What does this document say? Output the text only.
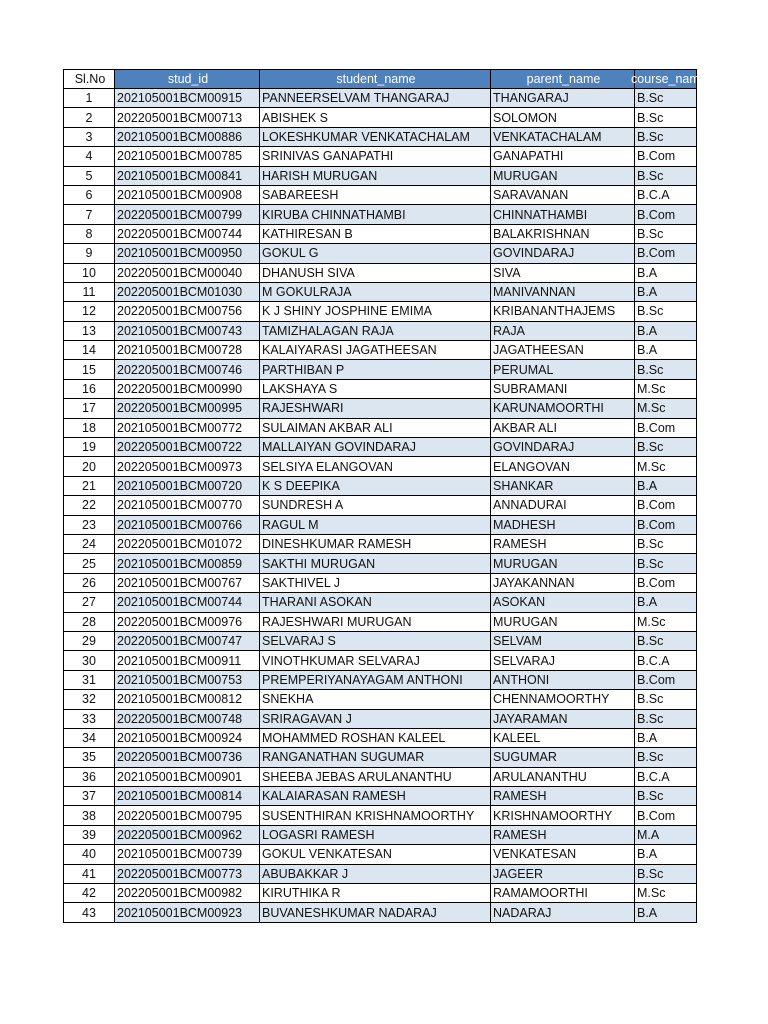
Sl.No	stud_id	student_name	parent_name	course_name
1	202105001BCM00915	PANNEERSELVAM THANGARAJ	THANGARAJ	B.Sc
2	202205001BCM00713	ABISHEK S	SOLOMON	B.Sc
3	202105001BCM00886	LOKESHKUMAR VENKATACHALAM	VENKATACHALAM	B.Sc
4	202105001BCM00785	SRINIVAS GANAPATHI	GANAPATHI	B.Com
5	202105001BCM00841	HARISH MURUGAN	MURUGAN	B.Sc
6	202105001BCM00908	SABAREESH	SARAVANAN	B.C.A
7	202205001BCM00799	KIRUBA CHINNATHAMBI	CHINNATHAMBI	B.Com
8	202205001BCM00744	KATHIRESAN B	BALAKRISHNAN	B.Sc
9	202105001BCM00950	GOKUL G	GOVINDARAJ	B.Com
10	202205001BCM00040	DHANUSH SIVA	SIVA	B.A
11	202205001BCM01030	M GOKULRAJA	MANIVANNAN	B.A
12	202205001BCM00756	K J SHINY JOSPHINE EMIMA	KRIBANANTHAJEMS	B.Sc
13	202105001BCM00743	TAMIZHALAGAN RAJA	RAJA	B.A
14	202105001BCM00728	KALAIYARASI JAGATHEESAN	JAGATHEESAN	B.A
15	202205001BCM00746	PARTHIBAN P	PERUMAL	B.Sc
16	202205001BCM00990	LAKSHAYA S	SUBRAMANI	M.Sc
17	202205001BCM00995	RAJESHWARI	KARUNAMOORTHI	M.Sc
18	202105001BCM00772	SULAIMAN AKBAR ALI	AKBAR ALI	B.Com
19	202205001BCM00722	MALLAIYAN GOVINDARAJ	GOVINDARAJ	B.Sc
20	202205001BCM00973	SELSIYA ELANGOVAN	ELANGOVAN	M.Sc
21	202105001BCM00720	K S DEEPIKA	SHANKAR	B.A
22	202105001BCM00770	SUNDRESH A	ANNADURAI	B.Com
23	202105001BCM00766	RAGUL M	MADHESH	B.Com
24	202205001BCM01072	DINESHKUMAR RAMESH	RAMESH	B.Sc
25	202105001BCM00859	SAKTHI MURUGAN	MURUGAN	B.Sc
26	202105001BCM00767	SAKTHIVEL J	JAYAKANNAN	B.Com
27	202105001BCM00744	THARANI ASOKAN	ASOKAN	B.A
28	202205001BCM00976	RAJESHWARI MURUGAN	MURUGAN	M.Sc
29	202205001BCM00747	SELVARAJ S	SELVAM	B.Sc
30	202105001BCM00911	VINOTHKUMAR SELVARAJ	SELVARAJ	B.C.A
31	202105001BCM00753	PREMPERIYANAYAGAM ANTHONI	ANTHONI	B.Com
32	202105001BCM00812	SNEKHA	CHENNAMOORTHY	B.Sc
33	202205001BCM00748	SRIRAGAVAN J	JAYARAMAN	B.Sc
34	202105001BCM00924	MOHAMMED ROSHAN KALEEL	KALEEL	B.A
35	202205001BCM00736	RANGANATHAN SUGUMAR	SUGUMAR	B.Sc
36	202105001BCM00901	SHEEBA JEBAS ARULANANTHU	ARULANANTHU	B.C.A
37	202105001BCM00814	KALAIARASAN RAMESH	RAMESH	B.Sc
38	202205001BCM00795	SUSENTHIRAN KRISHNAMOORTHY	KRISHNAMOORTHY	B.Com
39	202205001BCM00962	LOGASRI RAMESH	RAMESH	M.A
40	202105001BCM00739	GOKUL VENKATESAN	VENKATESAN	B.A
41	202205001BCM00773	ABUBAKKAR J	JAGEER	B.Sc
42	202205001BCM00982	KIRUTHIKA R	RAMAMOORTHI	M.Sc
43	202105001BCM00923	BUVANESHKUMAR NADARAJ	NADARAJ	B.A
